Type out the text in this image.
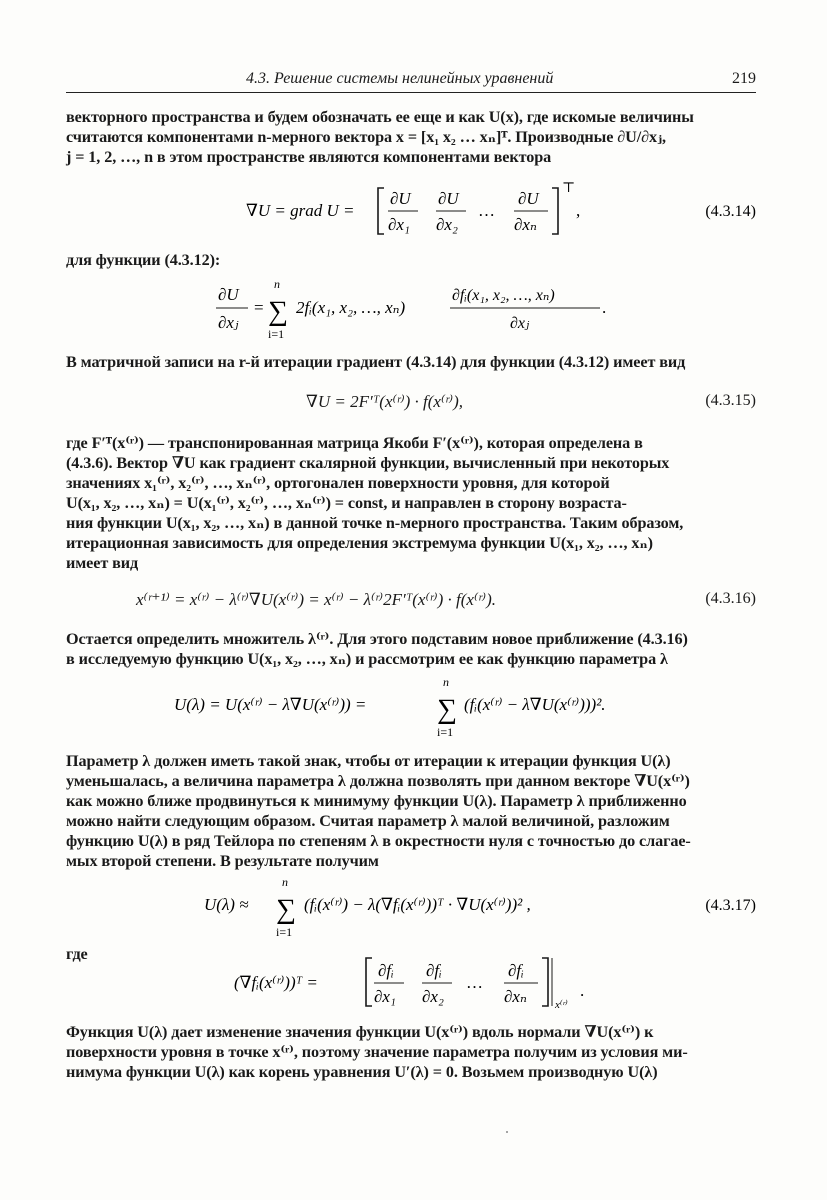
4.3. Решение системы нелинейных уравнений	219
векторного пространства и будем обозначать ее еще и как U(x), где искомые величины
считаются компонентами n-мерного вектора x = [x₁ x₂ … xₙ]ᵀ. Производные ∂U/∂xⱼ,
j = 1, 2, …, n в этом пространстве являются компонентами вектора
∇U = grad U =
∂U
∂x₁
∂U
∂x₂
…
∂U
∂xₙ
⊤
,	(4.3.14)
для функции (4.3.12):
∂U
∂xⱼ
=
n
∑
i=1
2fᵢ(x₁, x₂, …, xₙ)
∂fᵢ(x₁, x₂, …, xₙ)
∂xⱼ
.
В матричной записи на r-й итерации градиент (4.3.14) для функции (4.3.12) имеет вид
∇U = 2F′ᵀ(x⁽ʳ⁾) · f(x⁽ʳ⁾),	(4.3.15)
где F′ᵀ(x⁽ʳ⁾) — транспонированная матрица Якоби F′(x⁽ʳ⁾), которая определена в
(4.3.6). Вектор ∇U как градиент скалярной функции, вычисленный при некоторых
значениях x₁⁽ʳ⁾, x₂⁽ʳ⁾, …, xₙ⁽ʳ⁾, ортогонален поверхности уровня, для которой
U(x₁, x₂, …, xₙ) = U(x₁⁽ʳ⁾, x₂⁽ʳ⁾, …, xₙ⁽ʳ⁾) = const, и направлен в сторону возраста-
ния функции U(x₁, x₂, …, xₙ) в данной точке n-мерного пространства. Таким образом,
итерационная зависимость для определения экстремума функции U(x₁, x₂, …, xₙ)
имеет вид
x⁽ʳ⁺¹⁾ = x⁽ʳ⁾ − λ⁽ʳ⁾∇U(x⁽ʳ⁾) = x⁽ʳ⁾ − λ⁽ʳ⁾2F′ᵀ(x⁽ʳ⁾) · f(x⁽ʳ⁾).	(4.3.16)
Остается определить множитель λ⁽ʳ⁾. Для этого подставим новое приближение (4.3.16)
в исследуемую функцию U(x₁, x₂, …, xₙ) и рассмотрим ее как функцию параметра λ
U(λ) = U(x⁽ʳ⁾ − λ∇U(x⁽ʳ⁾)) =
n
∑
i=1
(fᵢ(x⁽ʳ⁾ − λ∇U(x⁽ʳ⁾)))².
Параметр λ должен иметь такой знак, чтобы от итерации к итерации функция U(λ)
уменьшалась, а величина параметра λ должна позволять при данном векторе ∇U(x⁽ʳ⁾)
как можно ближе продвинуться к минимуму функции U(λ). Параметр λ приближенно
можно найти следующим образом. Считая параметр λ малой величиной, разложим
функцию U(λ) в ряд Тейлора по степеням λ в окрестности нуля с точностью до слагае-
мых второй степени. В результате получим
U(λ) ≈
n
∑
i=1
(fᵢ(x⁽ʳ⁾) − λ(∇fᵢ(x⁽ʳ⁾))ᵀ · ∇U(x⁽ʳ⁾))² ,	(4.3.17)
где
(∇fᵢ(x⁽ʳ⁾))ᵀ =
∂fᵢ
∂x₁
∂fᵢ
∂x₂
…
∂fᵢ
∂xₙ	x⁽ʳ⁾
.
Функция U(λ) дает изменение значения функции U(x⁽ʳ⁾) вдоль нормали ∇U(x⁽ʳ⁾) к
поверхности уровня в точке x⁽ʳ⁾, поэтому значение параметра получим из условия ми-
нимума функции U(λ) как корень уравнения U′(λ) = 0. Возьмем производную U(λ)
